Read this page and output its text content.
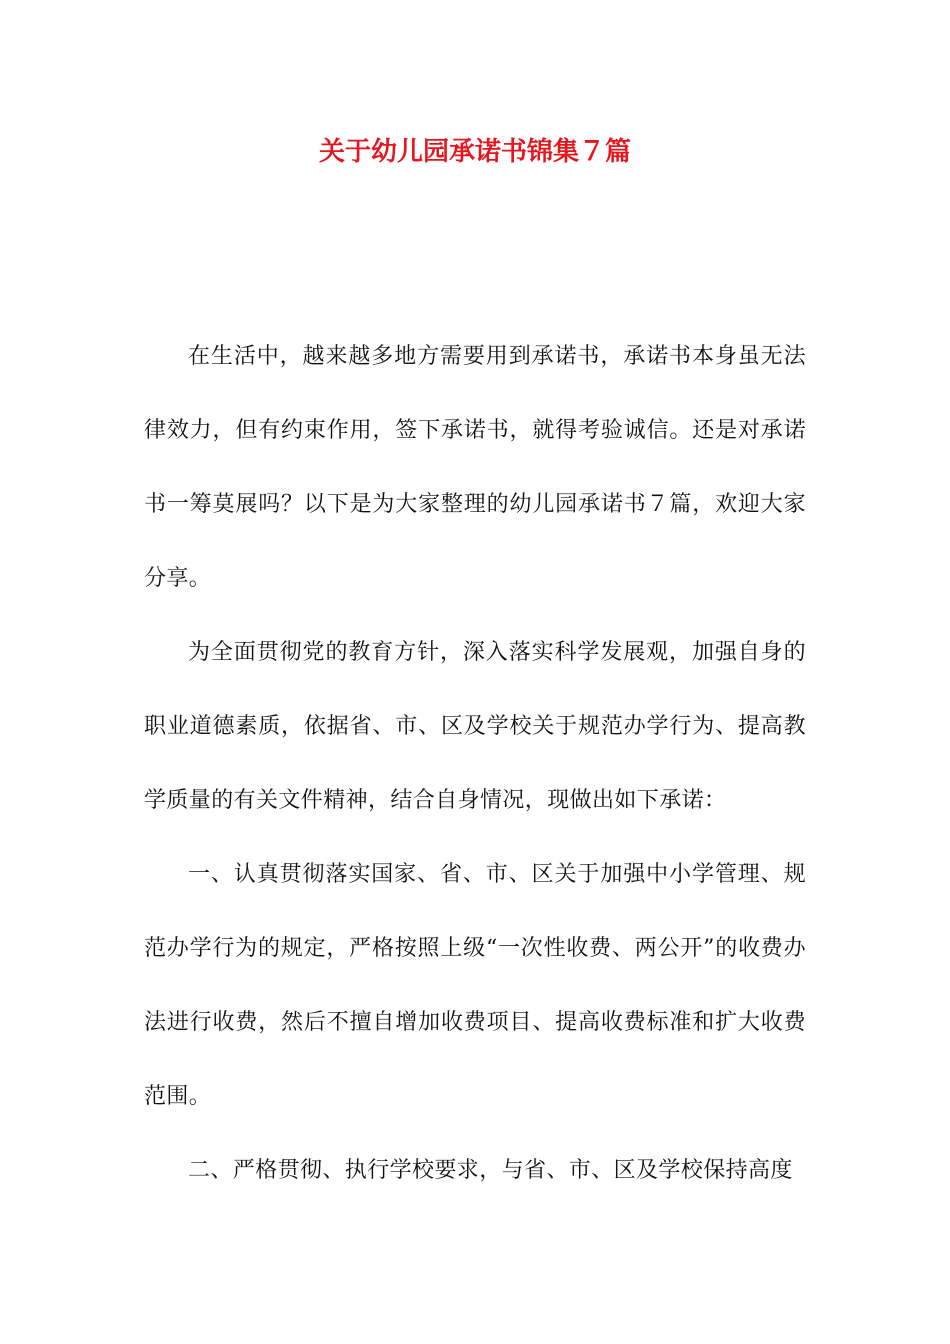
关于幼儿园承诺书锦集７篇

在生活中，越来越多地方需要用到承诺书，承诺书本身虽无法律效力，但有约束作用，签下承诺书，就得考验诚信。还是对承诺书一筹莫展吗？以下是为大家整理的幼儿园承诺书７篇，欢迎大家分享。

为全面贯彻党的教育方针，深入落实科学发展观，加强自身的职业道德素质，依据省、市、区及学校关于规范办学行为、提高教学质量的有关文件精神，结合自身情况，现做出如下承诺：

一、认真贯彻落实国家、省、市、区关于加强中小学管理、规范办学行为的规定，严格按照上级“一次性收费、两公开”的收费办法进行收费，然后不擅自增加收费项目、提高收费标准和扩大收费范围。

二、严格贯彻、执行学校要求，与省、市、区及学校保持高度
